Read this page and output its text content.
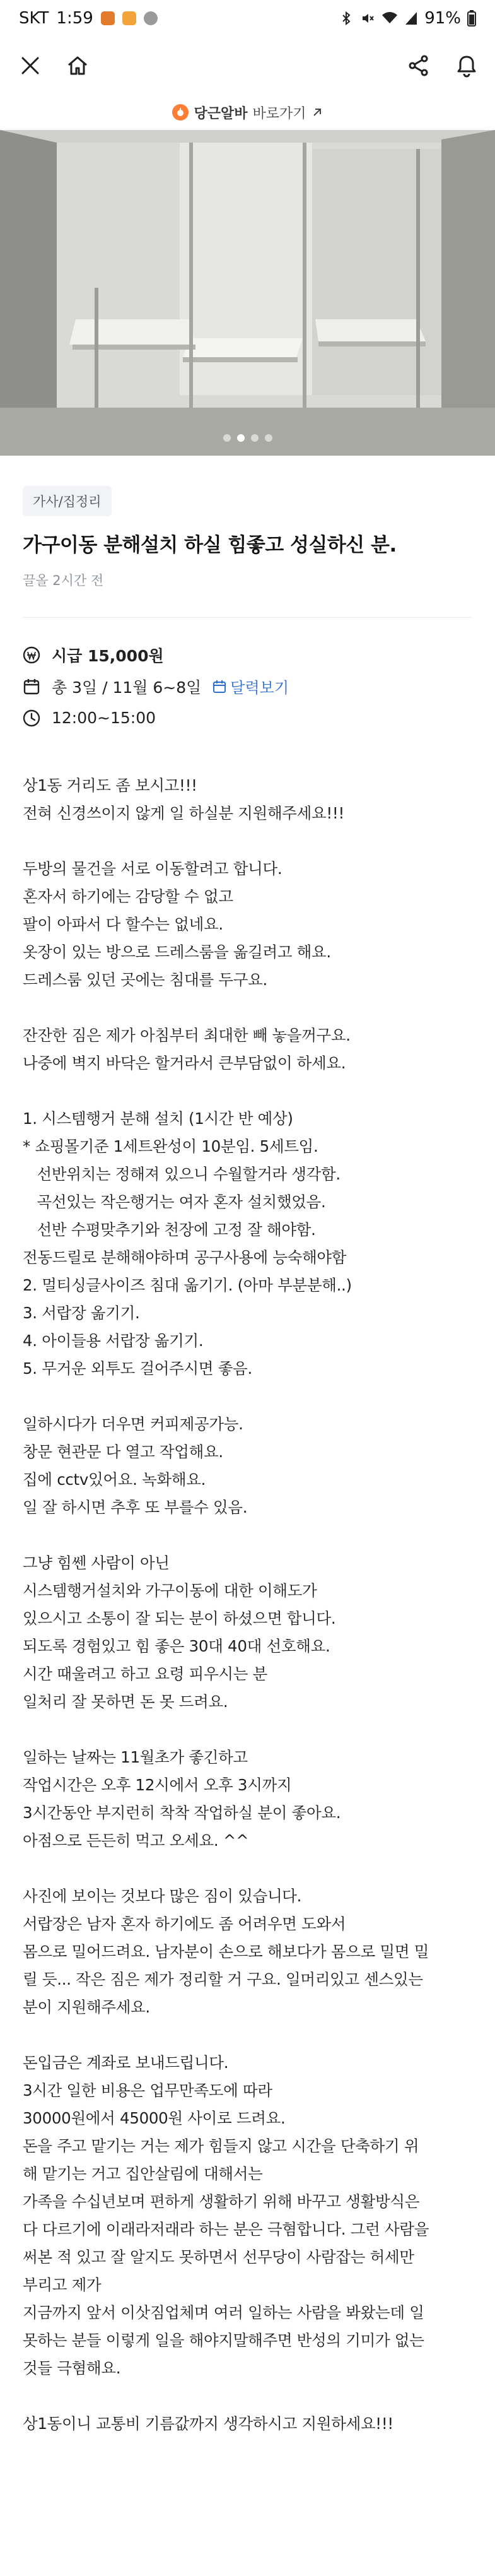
SKT 1:59	91%
당근알바 바로가기
가사/집정리
가구이동 분해설치 하실 힘좋고 성실하신 분.
끌올 2시간 전
시급 15,000원
총 3일 / 11월 6~8일 달력보기
12:00~15:00

상1동 거리도 좀 보시고!!!

전혀 신경쓰이지 않게 일 하실분 지원해주세요!!!

두방의 물건을 서로 이동할려고 합니다.

혼자서 하기에는 감당할 수 없고

팔이 아파서 다 할수는 없네요.

옷장이 있는 방으로 드레스룸을 옮길려고 해요.

드레스룸 있던 곳에는 침대를 두구요.

잔잔한 짐은 제가 아침부터 최대한 빼 놓을꺼구요.

나중에 벽지 바닥은 할거라서 큰부담없이 하세요.

1. 시스템행거 분해 설치 (1시간 반 예상)

* 쇼핑몰기준 1세트완성이 10분임. 5세트임.

선반위치는 정해져 있으니 수월할거라 생각함.

곡선있는 작은행거는 여자 혼자 설치했었음.

선반 수평맞추기와 천장에 고정 잘 해야함.

전동드릴로 분해해야하며 공구사용에 능숙해야함

2. 멀티싱글사이즈 침대 옮기기. (아마 부분분해..)

3. 서랍장 옮기기.

4. 아이들용 서랍장 옮기기.

5. 무거운 외투도 걸어주시면 좋음.

일하시다가 더우면 커피제공가능.

창문 현관문 다 열고 작업해요.

집에 cctv있어요. 녹화해요.

일 잘 하시면 추후 또 부를수 있음.

그냥 힘쎈 사람이 아닌

시스템행거설치와 가구이동에 대한 이해도가

있으시고 소통이 잘 되는 분이 하셨으면 합니다.

되도록 경험있고 힘 좋은 30대 40대 선호해요.

시간 때울려고 하고 요령 피우시는 분

일처리 잘 못하면 돈 못 드려요.

일하는 날짜는 11월초가 좋긴하고

작업시간은 오후 12시에서 오후 3시까지

3시간동안 부지런히 착착 작업하실 분이 좋아요.

아점으로 든든히 먹고 오세요. ^^

사진에 보이는 것보다 많은 짐이 있습니다.

서랍장은 남자 혼자 하기에도 좀 어려우면 도와서

몸으로 밀어드려요. 남자분이 손으로 해보다가 몸으로 밀면 밀

릴 듯... 작은 짐은 제가 정리할 거 구요. 일머리있고 센스있는

분이 지원해주세요.

돈입금은 계좌로 보내드립니다.

3시간 일한 비용은 업무만족도에 따라

30000원에서 45000원 사이로 드려요.

돈을 주고 맡기는 거는 제가 힘들지 않고 시간을 단축하기 위

해 맡기는 거고 집안살림에 대해서는

가족을 수십년보며 편하게 생활하기 위해 바꾸고 생활방식은

다 다르기에 이래라저래라 하는 분은 극혐합니다. 그런 사람을

써본 적 있고 잘 알지도 못하면서 선무당이 사람잡는 허세만

부리고 제가

지금까지 앞서 이삿짐업체며 여러 일하는 사람을 봐왔는데 일

못하는 분들 이렇게 일을 해야지말해주면 반성의 기미가 없는

것들 극혐해요.

상1동이니 교통비 기름값까지 생각하시고 지원하세요!!!
